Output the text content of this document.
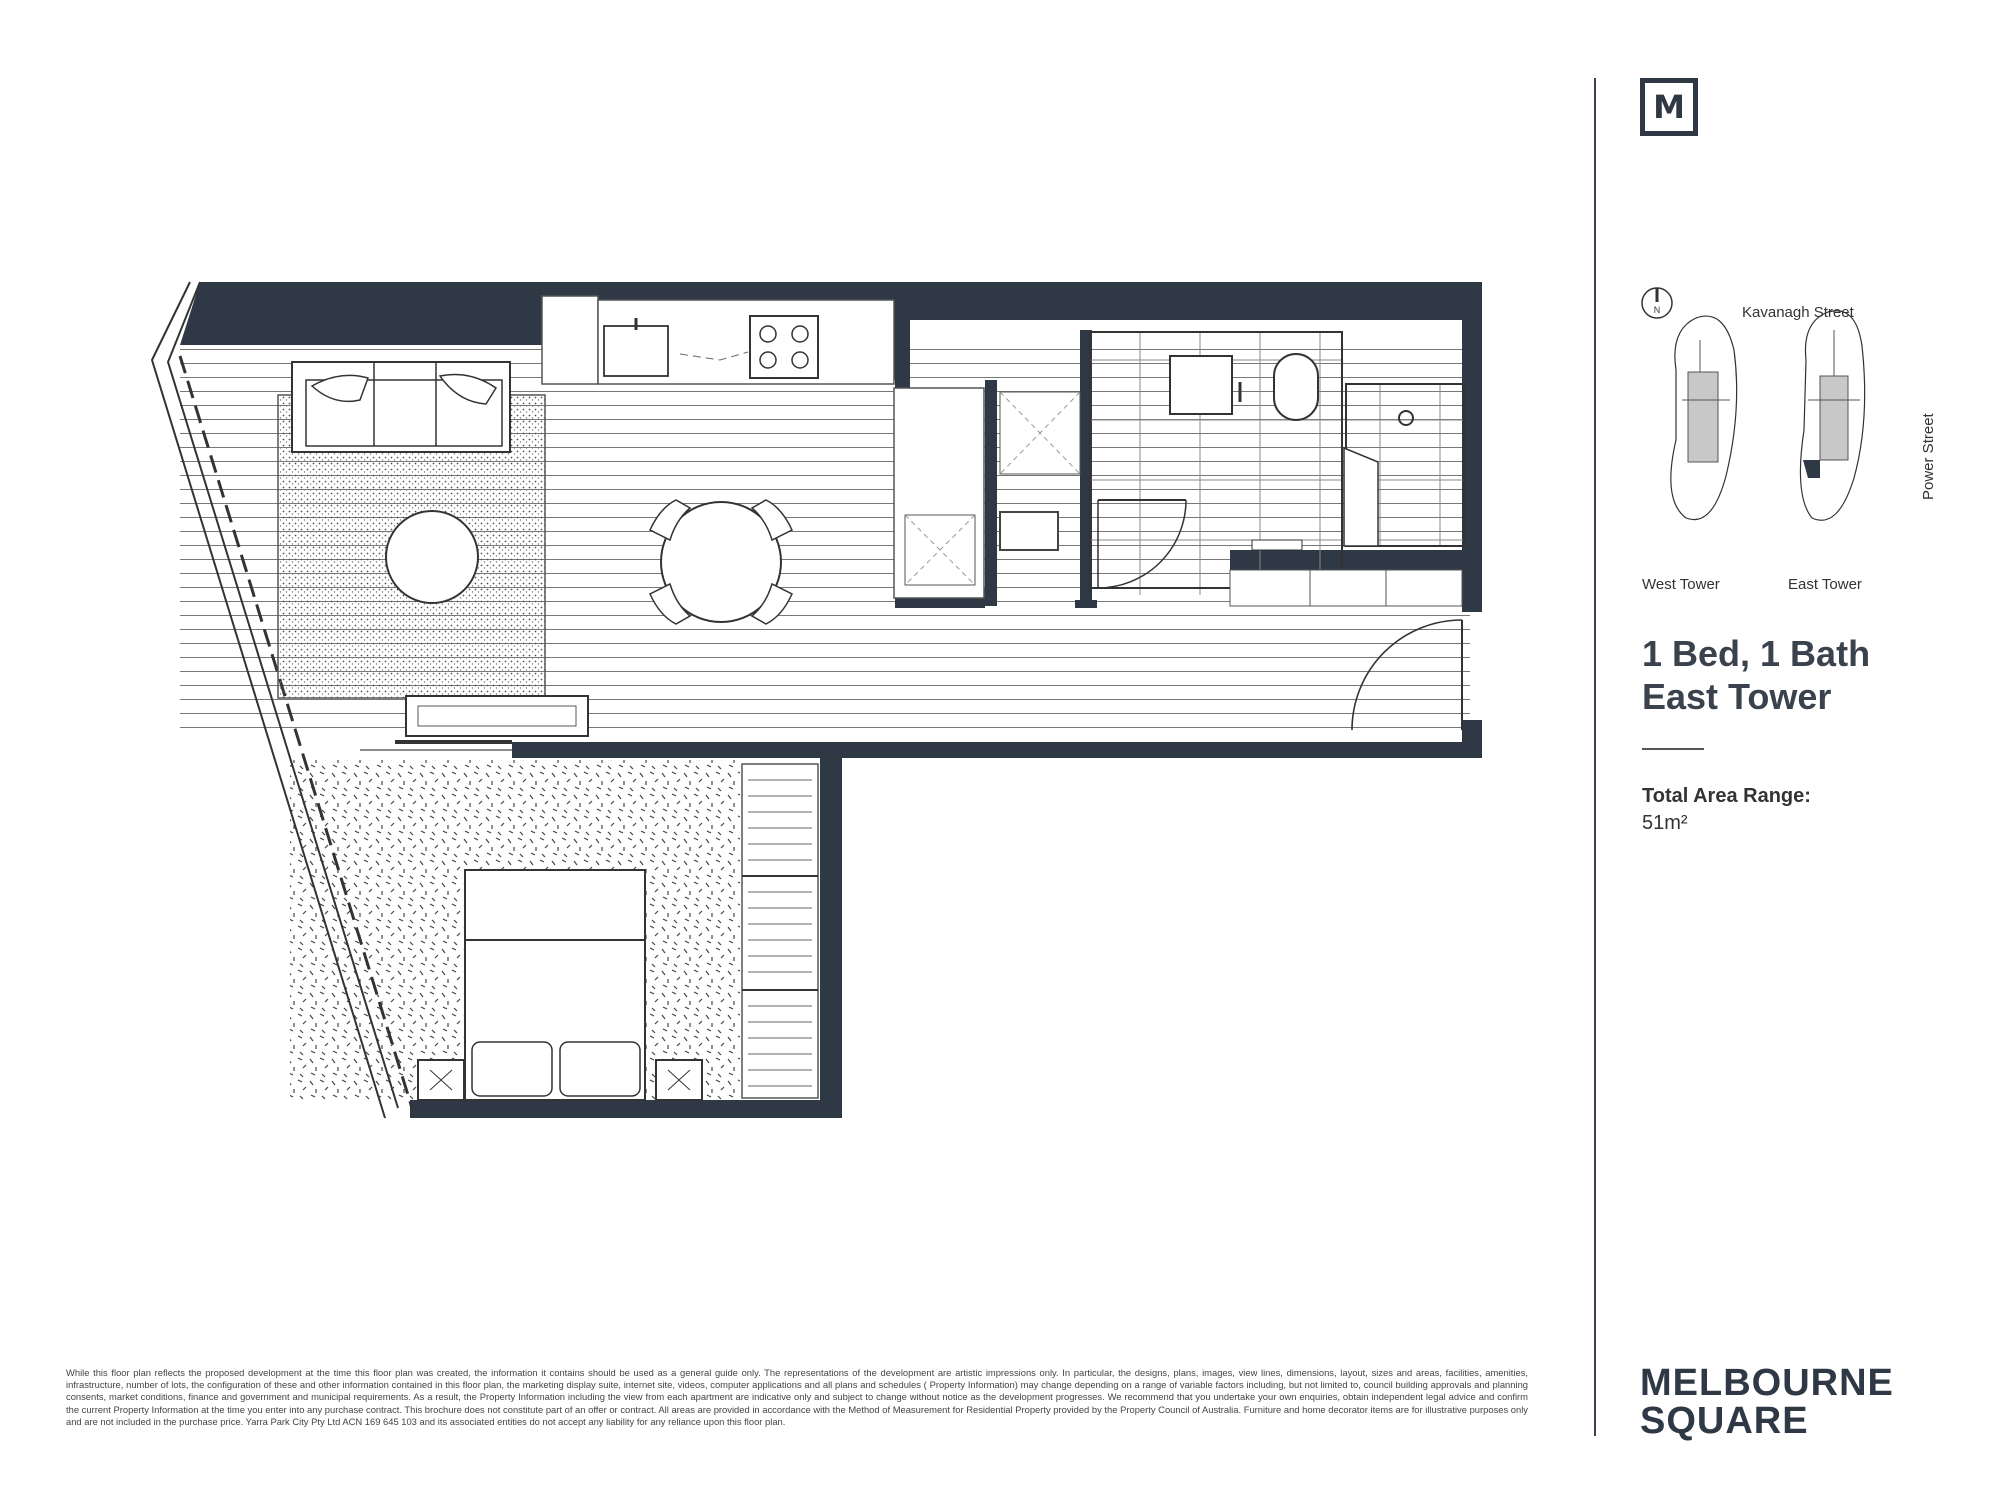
M
N	Kavanagh Street
Power Street
West Tower	East Tower
1 Bed, 1 Bath
East Tower
Total Area Range:
51m²
While this floor plan reflects the proposed development at the time this floor plan was created, the information it contains should be used as a general guide only. The representations of the development are artistic impressions only. In particular, the designs, plans, images, view lines, dimensions, layout, sizes and areas, facilities, amenities, infrastructure, number of lots, the configuration of these and other information contained in this floor plan, the marketing display suite, internet site, videos, computer applications and all plans and schedules ( Property Information) may change depending on a range of variable factors including, but not limited to, council building approvals and planning consents, market conditions, finance and government and municipal requirements. As a result, the Property Information including the view from each apartment are indicative only and subject to change without notice as the development progresses. We recommend that you undertake your own enquiries, obtain independent legal advice and confirm the current Property Information at the time you enter into any purchase contract. This brochure does not constitute part of an offer or contract. All areas are provided in accordance with the Method of Measurement for Residential Property provided by the Property Council of Australia. Furniture and home decorator items are for illustrative purposes only and are not included in the purchase price. Yarra Park City Pty Ltd ACN 169 645 103 and its associated entities do not accept any liability for any reliance upon this floor plan.
MELBOURNE
SQUARE
